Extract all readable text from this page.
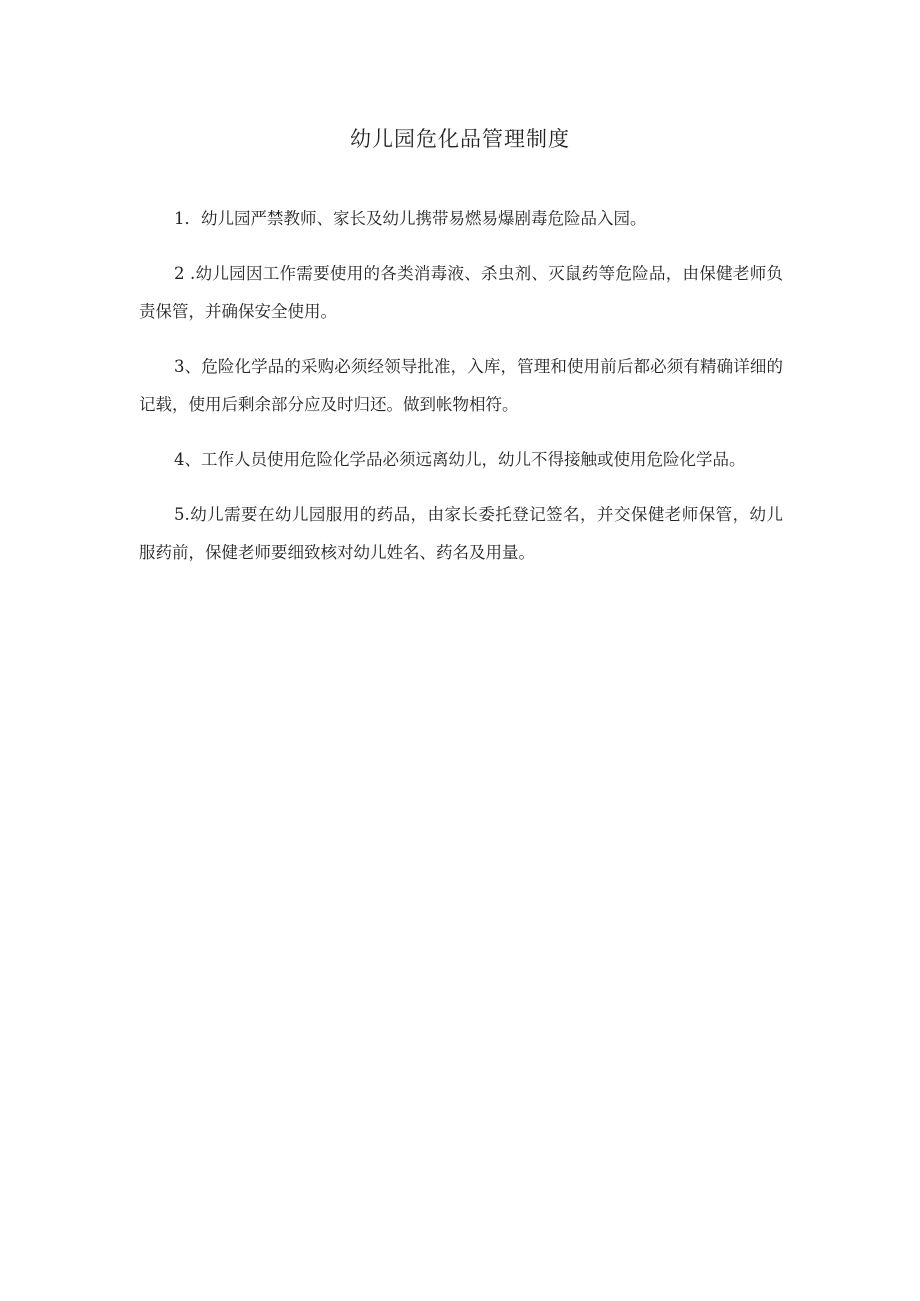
幼儿园危化品管理制度

1．幼儿园严禁教师、家长及幼儿携带易燃易爆剧毒危险品入园。

2 .幼儿园因工作需要使用的各类消毒液、杀虫剂、灭鼠药等危险品，由保健老师负责保管，并确保安全使用。

3、危险化学品的采购必须经领导批准，入库，管理和使用前后都必须有精确详细的记载，使用后剩余部分应及时归还。做到帐物相符。

4、工作人员使用危险化学品必须远离幼儿，幼儿不得接触或使用危险化学品。

5.幼儿需要在幼儿园服用的药品，由家长委托登记签名，并交保健老师保管，幼儿服药前，保健老师要细致核对幼儿姓名、药名及用量。
